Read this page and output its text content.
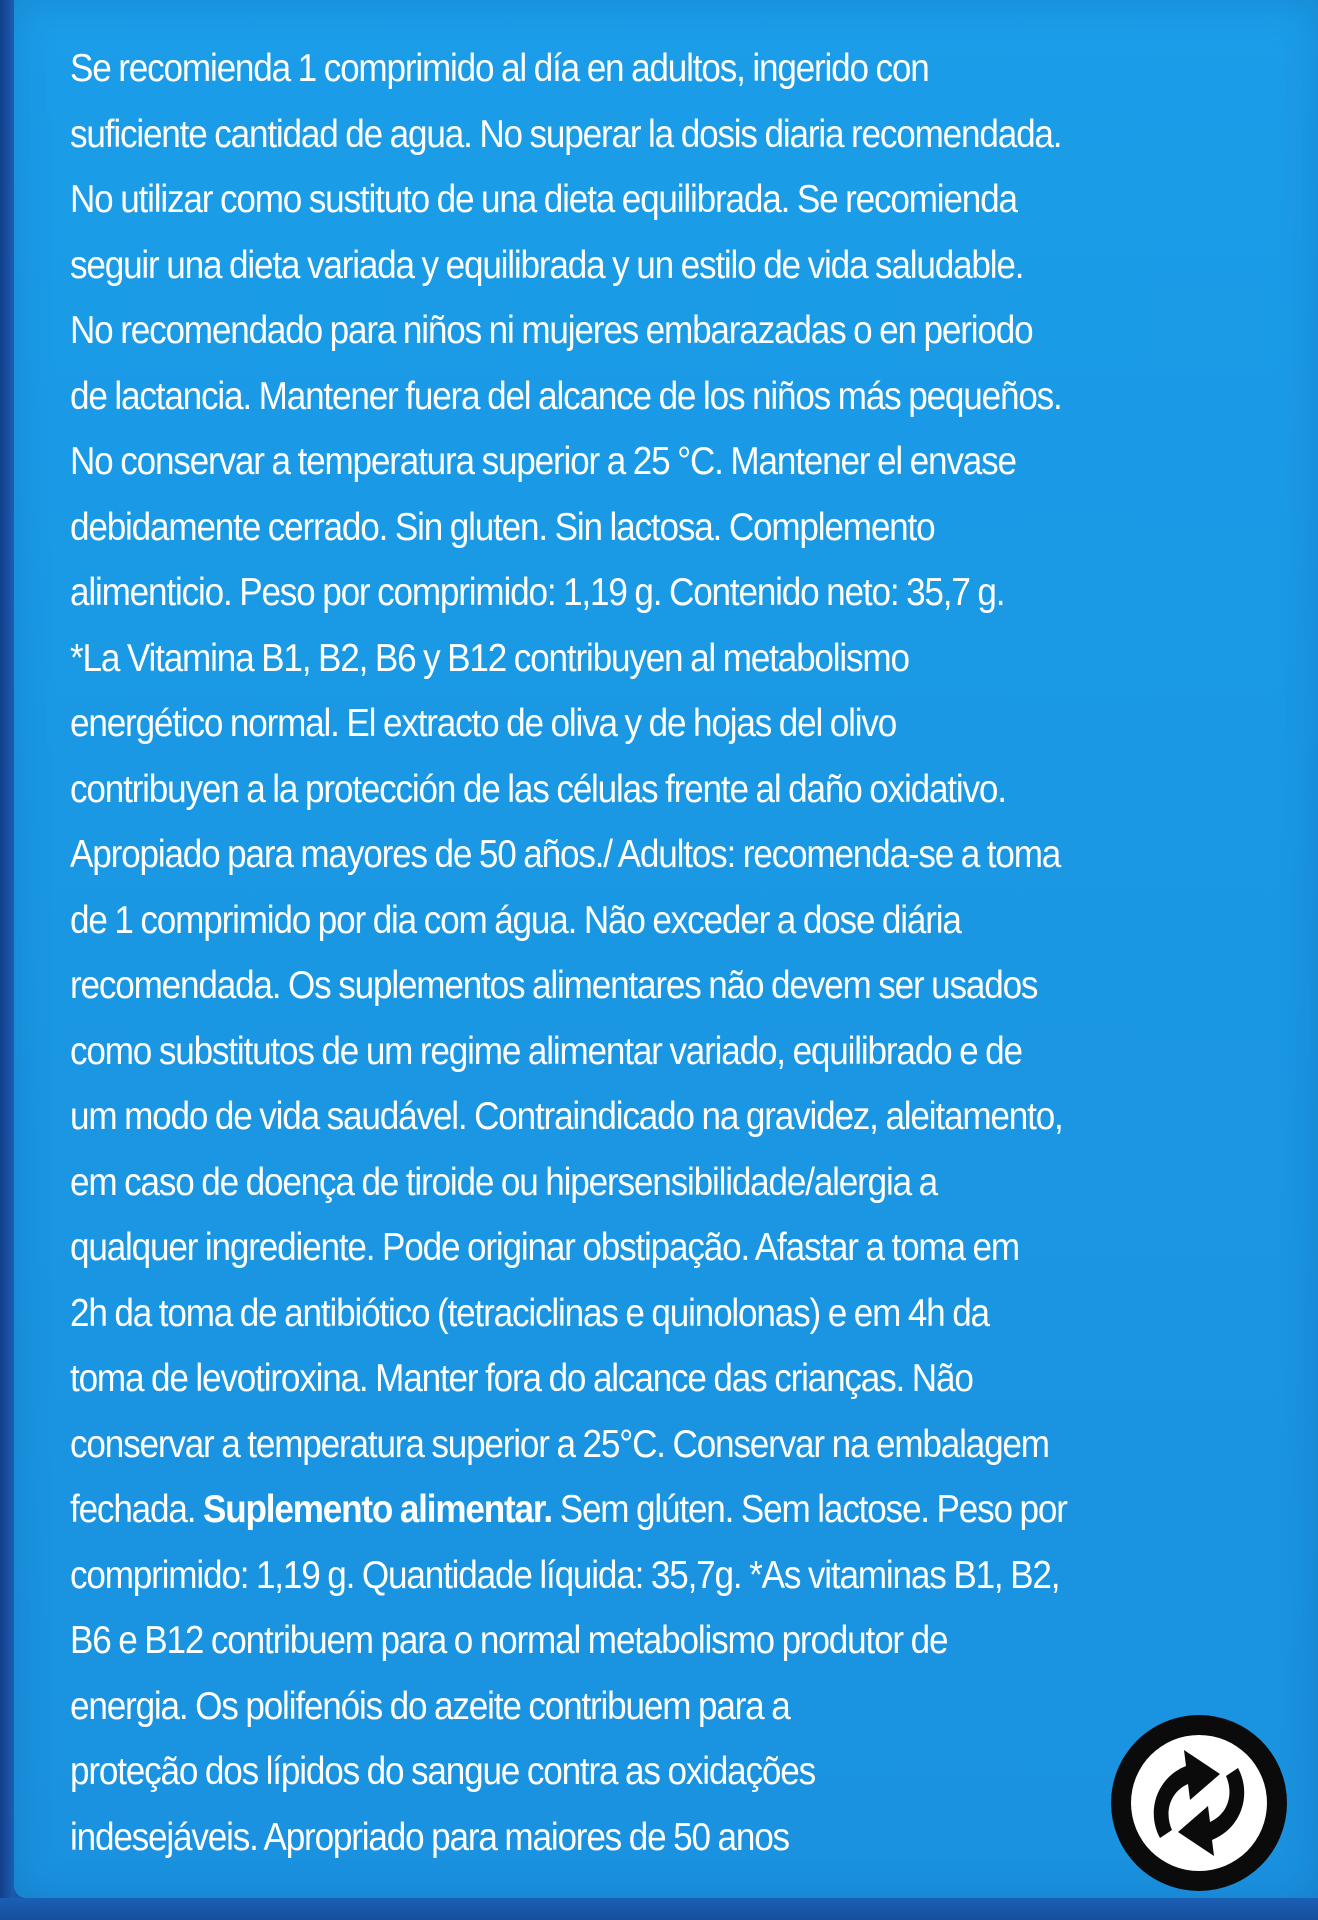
Se recomienda 1 comprimido al día en adultos, ingerido con
suficiente cantidad de agua. No superar la dosis diaria recomendada.
No utilizar como sustituto de una dieta equilibrada. Se recomienda
seguir una dieta variada y equilibrada y un estilo de vida saludable.
No recomendado para niños ni mujeres embarazadas o en periodo
de lactancia. Mantener fuera del alcance de los niños más pequeños.
No conservar a temperatura superior a 25 °C. Mantener el envase
debidamente cerrado. Sin gluten. Sin lactosa. Complemento
alimenticio. Peso por comprimido: 1,19 g. Contenido neto: 35,7 g.
*La Vitamina B1, B2, B6 y B12 contribuyen al metabolismo
energético normal. El extracto de oliva y de hojas del olivo
contribuyen a la protección de las células frente al daño oxidativo.
Apropiado para mayores de 50 años./ Adultos: recomenda-se a toma
de 1 comprimido por dia com água. Não exceder a dose diária
recomendada. Os suplementos alimentares não devem ser usados
como substitutos de um regime alimentar variado, equilibrado e de
um modo de vida saudável. Contraindicado na gravidez, aleitamento,
em caso de doença de tiroide ou hipersensibilidade/alergia a
qualquer ingrediente. Pode originar obstipação. Afastar a toma em
2h da toma de antibiótico (tetraciclinas e quinolonas) e em 4h da
toma de levotiroxina. Manter fora do alcance das crianças. Não
conservar a temperatura superior a 25°C. Conservar na embalagem
fechada. Suplemento alimentar. Sem glúten. Sem lactose. Peso por
comprimido: 1,19 g. Quantidade líquida: 35,7g. *As vitaminas B1, B2,
B6 e B12 contribuem para o normal metabolismo produtor de
energia. Os polifenóis do azeite contribuem para a
proteção dos lípidos do sangue contra as oxidações
indesejáveis. Apropriado para maiores de 50 anos
